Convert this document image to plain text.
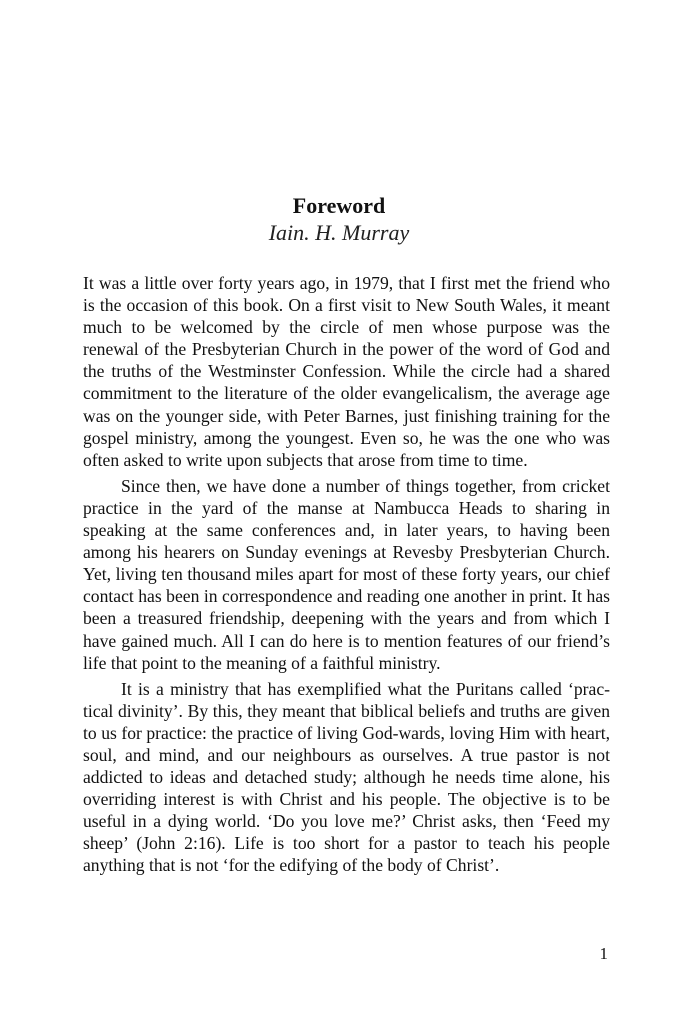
Foreword
Iain. H. Murray

It was a little over forty years ago, in 1979, that I first met the friend who is the occasion of this book. On a first visit to New South Wales, it meant much to be welcomed by the circle of men whose purpose was the renewal of the Presbyterian Church in the power of the word of God and the truths of the Westminster Confession. While the circle had a shared commitment to the literature of the older evangelicalism, the average age was on the younger side, with Peter Barnes, just finishing training for the gospel ministry, among the youngest. Even so, he was the one who was often asked to write upon subjects that arose from time to time.

Since then, we have done a number of things together, from cricket practice in the yard of the manse at Nambucca Heads to sharing in speaking at the same conferences and, in later years, to having been among his hearers on Sunday evenings at Revesby Presbyterian Church. Yet, living ten thousand miles apart for most of these forty years, our chief contact has been in correspondence and reading one another in print. It has been a treasured friendship, deepening with the years and from which I have gained much. All I can do here is to mention features of our friend’s life that point to the meaning of a faithful ministry.

It is a ministry that has exemplified what the Puritans called ‘practical divinity’. By this, they meant that biblical beliefs and truths are given to us for practice: the practice of living God-wards, loving Him with heart, soul, and mind, and our neighbours as ourselves. A true pastor is not addicted to ideas and detached study; although he needs time alone, his overriding interest is with Christ and his people. The objective is to be useful in a dying world. ‘Do you love me?’ Christ asks, then ‘Feed my sheep’ (John 2:16). Life is too short for a pastor to teach his people anything that is not ‘for the edifying of the body of Christ’.

1
